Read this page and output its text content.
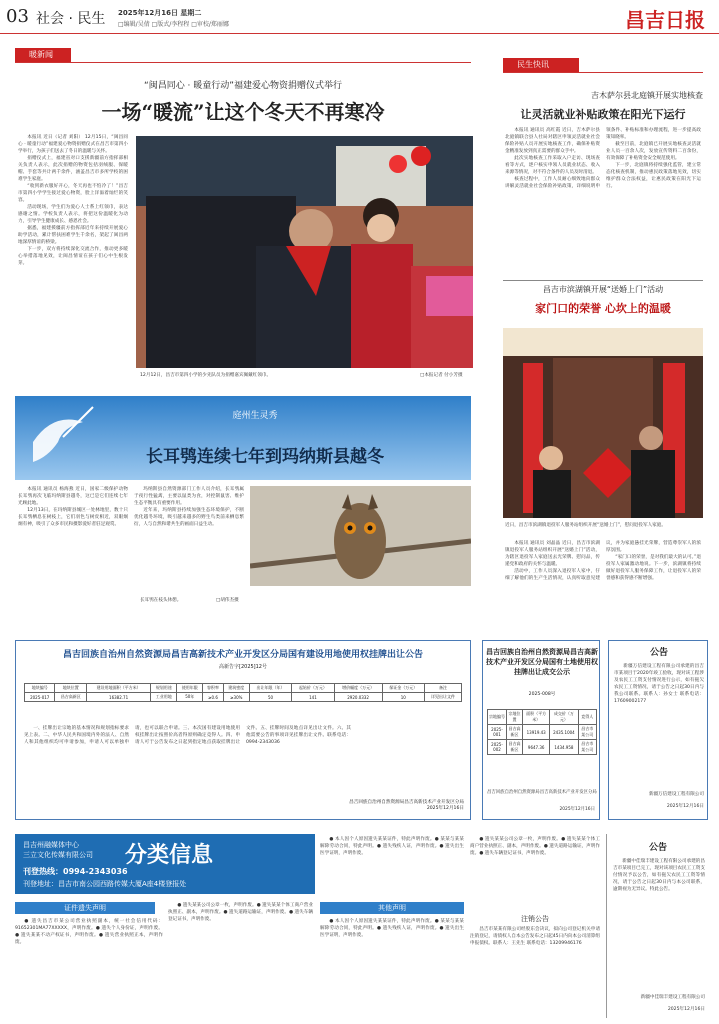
03 社会 · 民生 2025年12月16日 星期二
□编辑/吴倩 □版式/李程程 □审校/郑丽娜	昌吉日报
暖新闻
“闽昌同心 · 暖童行动”福建爱心物资捐赠仪式举行
一场“暖流”让这个冬天不再寒冷

本报讯 近日（记者 刘阳） 12月15日，“闽昌同心 · 暖童行动”福建爱心物资捐赠仪式在昌吉市第四小学举行，为孩子们送去了冬日的温暖与关怀。

捐赠仪式上，福建省对口支援新疆前方指挥部相关负责人表示，此次捐赠的物资包括羽绒服、保暖帽、手套等共计两千余件，涵盖昌吉市多所学校的困难学生家庭。

“收到新衣服好开心，冬天再也不怕冷了！”昌吉市第四小学学生接过爱心物资，脸上洋溢着灿烂的笑容。

活动现场，学生们为爱心人士系上红领巾，表达感谢之情。学校负责人表示，将把这份温暖化为动力，引导学生健康成长、感恩社会。

据悉，福建援疆前方指挥部近年来持续开展爱心助学活动，累计帮扶困难学生千余名，架起了闽昌两地深厚情谊的桥梁。

下一步，双方将持续深化交流合作，推动更多暖心举措落地见效，让闽昌情谊在孩子们心中生根发芽。

12月12日，昌吉市第四小学的少先队员为捐赠嘉宾佩戴红领巾。	□本报记者 付小芳摄
民生快讯
吉木萨尔县北庭镇开展实地核查
让灵活就业补贴政策在阳光下运行

本报讯 通讯员 高红霞 近日，吉木萨尔县北庭镇联合县人社局对辖区申领灵活就业社会保险补贴人员开展实地核查工作，确保补贴资金精准发放到真正需要的群众手中。

此次实地核查工作采取入户走访、现场查看等方式，逐户核实申领人员就业状态、收入来源等情况，对不符合条件的人员及时清退。

核查过程中，工作人员耐心细致地向群众讲解灵活就业社会保险补贴政策，详细说明申领条件、补贴标准和办理流程，进一步提高政策知晓率。

截至目前，北庭镇已开展实地核查灵活就业人员一百余人次，发放宣传资料二百余份，有效保障了补贴资金安全规范使用。

下一步，北庭镇将持续强化监管，建立常态化核查机制，推动惠民政策落地见效，切实维护群众合法权益，让惠民政策在阳光下运行。

昌吉市滨湖镇开展“送婚上门”活动
家门口的荣誉 心坎上的温暖
近日，昌吉市滨湖镇退役军人服务站组织开展“送婚上门”，慰问退役军人家庭。

本报讯 通讯员 刘晶晶 近日，昌吉市滨湖镇退役军人服务站组织开展“送婚上门”活动，为辖区退役军人家庭送去光荣牌、慰问品，传递党和政府的关怀与温暖。

活动中，工作人员深入退役军人家中，仔细了解他们的生产生活情况，认真听取意见建议，并为家庭悬挂光荣牌，营造尊崇军人的浓厚氛围。

“家门口的荣誉，是对我们最大的认可。”退役军人家属激动地说。下一步，滨湖镇将持续做好退役军人服务保障工作，让退役军人的荣誉感和获得感不断增强。

庭州生灵秀
长耳鸮连续七年到玛纳斯县越冬

本报讯 通讯员 杨海燕 近日，国家二级保护动物长耳鸮再次飞临玛纳斯县越冬，这已是它们连续七年光顾此地。

12月13日，在玛纳斯县城区一处林地里，数十只长耳鸮栖息在树枝上，它们羽色与树皮相近，双眼炯炯有神，吸引了众多市民和摄影爱好者驻足观赏。

玛纳斯县自然资源部门工作人员介绍，长耳鸮属于夜行性猛禽，主要以鼠类为食，对控制鼠害、维护生态平衡具有重要作用。

近年来，玛纳斯县持续加强生态环境保护，不断优化越冬环境，吸引越来越多的野生鸟类前来栖息繁衍，人与自然和谐共生的画面日益生动。

长耳鸮在枝头休憩。	□胡伟杰摄
昌吉回族自治州自然资源局昌吉高新技术产业开发区分局国有建设用地使用权挂牌出让公告
高新告字[2025]12号
地块编号	地块位置	建设用地面积（平方米）	规划用途	使用年限	容积率	建筑密度	出让年限（年）	起始价（万元）	增价幅度（万元）	保证金（万元）	备注
2025-017	昌吉高新区	16382.71	工业用地	50年	≥0.6	≥30%	50	141	2920.0332	10	详见出让文件

一、挂牌出让宗地的基本情况和规划指标要求见上表。二、中华人民共和国境内外的法人、自然人和其他组织均可申请参加，申请人可以单独申请，也可以联合申请。三、本次国有建设用地使用权挂牌出让按照价高者得原则确定竞得人。四、申请人可于公告发布之日起到指定地点获取挂牌出让文件。五、挂牌时间及地点详见出让文件。六、其他需要公告的事项详见挂牌出让文件。联系电话：0994-2343036

昌吉回族自治州自然资源局昌吉高新技术产业开发区分局
2025年12月16日
昌吉回族自治州自然资源局昌吉高新技术产业开发区分局国有土地使用权挂牌出让成交公示
2025-008号
宗地编号	宗地位置	面积（平方米）	成交价（万元）	竞得人
2025-001	昌吉高新区	13919.43	2435.1004	昌吉市某公司
2025-002	昌吉高新区	9647.36	1434.958	昌吉市某公司
昌吉回族自治州自然资源局昌吉高新技术产业开发区分局
2025年12月16日
公告

新疆万信建设工程有限公司承建的昌吉市某项目于2020年竣工验收，现对该工程涉及农民工工资支付情况进行公示，如有拖欠农民工工资情况，请于公告之日起30日内与我公司联系。联系人：孙女士 联系电话：17609002177

新疆万信建设工程有限公司
2025年12月16日
昌吉州融媒体中心
三立文化传媒有限公司 分类信息
刊登热线：0994-2343036
刊登地址：昌吉市南公园西路传媒大厦A座4楼登报处
证件遗失声明

● 遗失昌吉市某公司营业执照副本，统一社会信用代码：91652301MA77XXXXX，声明作废。● 遗失个人身份证，声明作废。● 遗失某某不动产权证书，声明作废。● 遗失营业执照正本，声明作废。

● 遗失某某公司公章一枚，声明作废。● 遗失某某个体工商户营业执照正、副本，声明作废。● 遗失道路运输证，声明作废。● 遗失车辆登记证书，声明作废。

● 本人因个人原因遗失某某证件，特此声明作废。● 某某与某某解除劳动合同，特此声明。● 遗失残疾人证，声明作废。● 遗失出生医学证明，声明作废。

其他声明

● 本人因个人原因遗失某某证件，特此声明作废。● 某某与某某解除劳动合同，特此声明。● 遗失残疾人证，声明作废。● 遗失出生医学证明，声明作废。

● 遗失某某公司公章一枚，声明作废。● 遗失某某个体工商户营业执照正、副本，声明作废。● 遗失道路运输证，声明作废。● 遗失车辆登记证书，声明作废。

注销公告

昌吉市某某有限公司经股东会决议，拟向公司登记机关申请注销登记，请债权人自本公告发布之日起45日内向本公司清算组申报债权。联系人：王先生 联系电话：13209946176

公告

新疆中佳瑞丰建设工程有限公司承建的昌吉市某项目已完工，现对该项目农民工工资支付情况予以公告，如有拖欠农民工工资等情况，请于公告之日起30日内与本公司联系，逾期视为无异议。特此公告。

新疆中佳瑞丰建设工程有限公司
2025年12月16日
